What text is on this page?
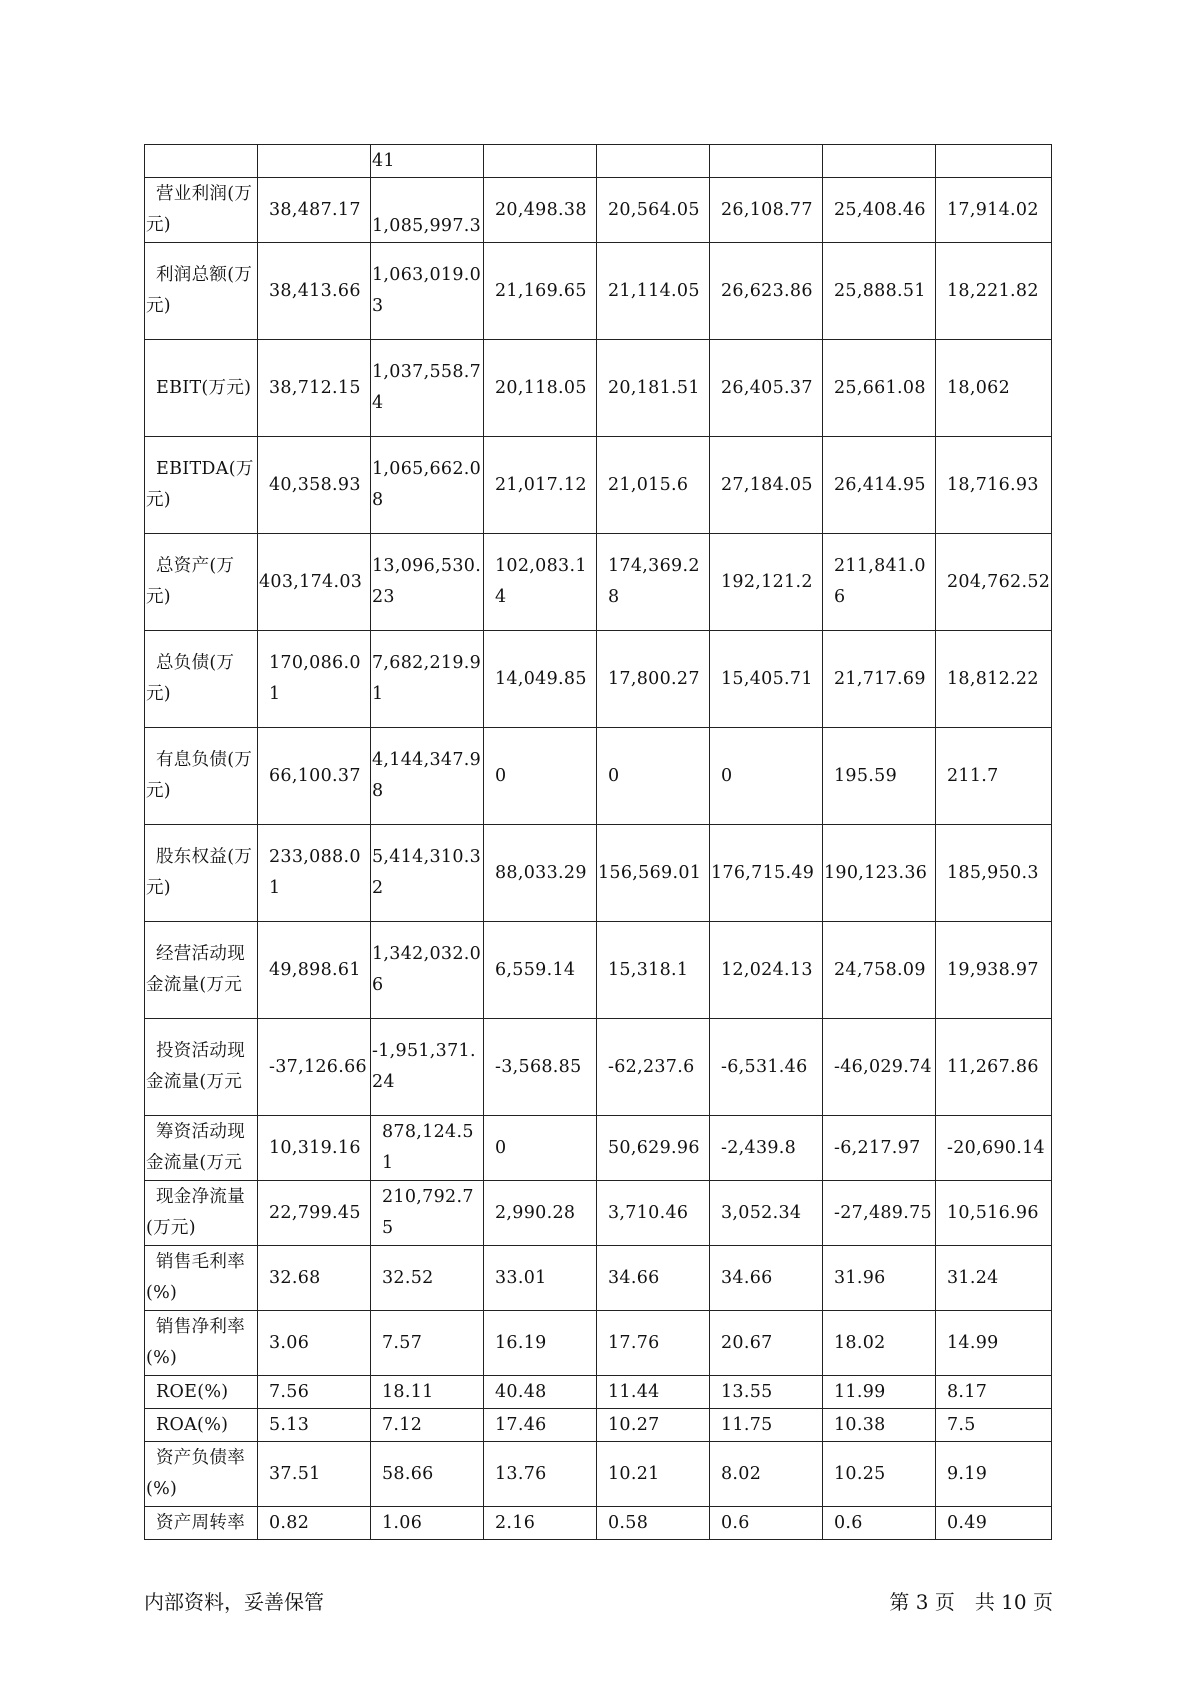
		41					

营业利润(万元)	38,487.17	1,085,997.3	20,498.38	20,564.05	26,108.77	25,408.46	17,914.02

利润总额(万元)	38,413.66	1,063,019.03	21,169.65	21,114.05	26,623.86	25,888.51	18,221.82

EBIT(万元)	38,712.15	1,037,558.74	20,118.05	20,181.51	26,405.37	25,661.08	18,062

EBITDA(万元)	40,358.93	1,065,662.08	21,017.12	21,015.6	27,184.05	26,414.95	18,716.93

总资产(万元)	403,174.03	13,096,530.23	102,083.14	174,369.28	192,121.2	211,841.06	204,762.52

总负债(万元)	170,086.01	7,682,219.91	14,049.85	17,800.27	15,405.71	21,717.69	18,812.22

有息负债(万元)	66,100.37	4,144,347.98	0	0	0	195.59	211.7

股东权益(万元)	233,088.01	5,414,310.32	88,033.29	156,569.01	176,715.49	190,123.36	185,950.3

经营活动现金流量(万元	49,898.61	1,342,032.06	6,559.14	15,318.1	12,024.13	24,758.09	19,938.97

投资活动现金流量(万元	-37,126.66	-1,951,371.24	-3,568.85	-62,237.6	-6,531.46	-46,029.74	11,267.86

筹资活动现金流量(万元	10,319.16	878,124.51	0	50,629.96	-2,439.8	-6,217.97	-20,690.14

现金净流量(万元)	22,799.45	210,792.75	2,990.28	3,710.46	3,052.34	-27,489.75	10,516.96

销售毛利率(%)	32.68	32.52	33.01	34.66	34.66	31.96	31.24

销售净利率(%)	3.06	7.57	16.19	17.76	20.67	18.02	14.99

ROE(%)	7.56	18.11	40.48	11.44	13.55	11.99	8.17

ROA(%)	5.13	7.12	17.46	10.27	11.75	10.38	7.5

资产负债率(%)	37.51	58.66	13.76	10.21	8.02	10.25	9.19

资产周转率	0.82	1.06	2.16	0.58	0.6	0.6	0.49
内部资料，妥善保管	第 3 页　共 10 页
